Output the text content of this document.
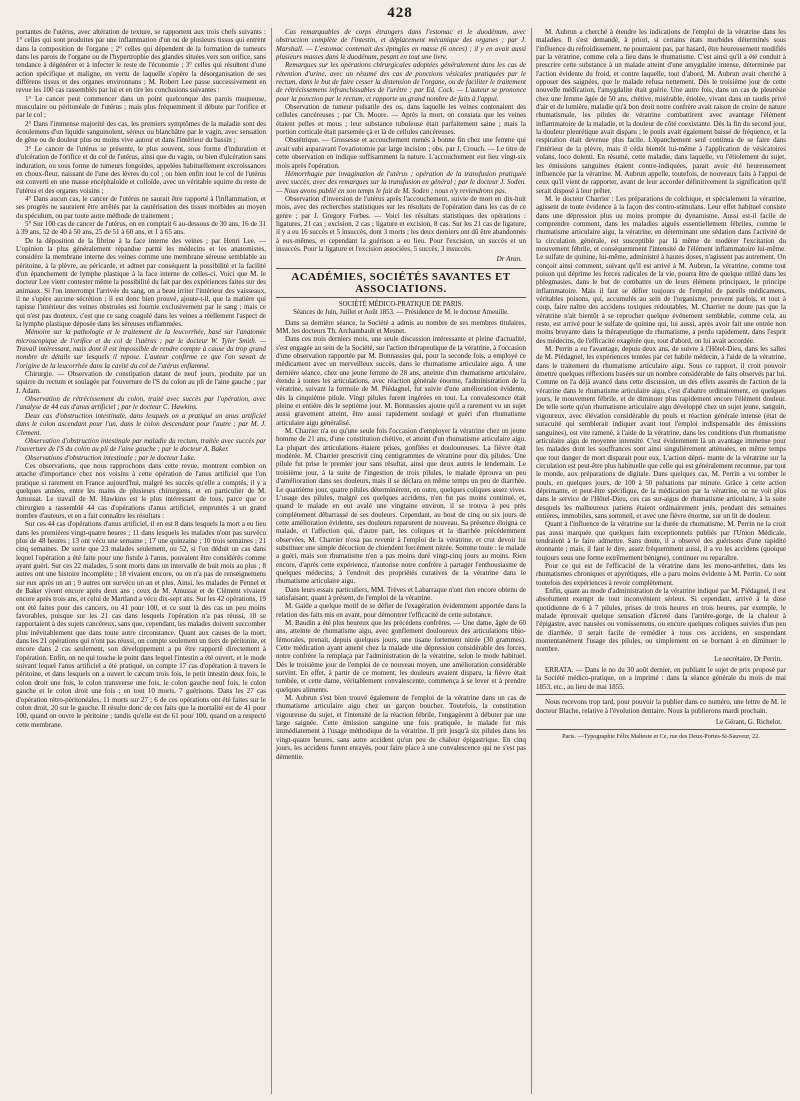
428

portantes de l'utérus, avec altération de texture, se rapportent aux trois chefs suivants : 1° celles qui sont produites par une inflammation d'un ou de plusieurs tissus qui entrent dans la composition de l'organe ; 2° celles qui dépendent de la formation de tumeurs dans les parois de l'organe ou de l'hypertrophie des glandes situées vers son orifice, sans tendance à dégénérer et à infecter le reste de l'économie ; 3° celles qui résultent d'une action spécifique et maligne, en vertu de laquelle s'opère la désorganisation de ses différens tissus et des organes environnans ; M. Robert Lee passe successivement en revue les 100 cas rassemblés par lui et en tire les conclusions suivantes :

1° Le cancer peut commencer dans un point quelconque des parois muqueuse, musculaire ou péritonéale de l'utérus ; mais plus fréquemment il débute par l'orifice et par le col ;

2° Dans l'immense majorité des cas, les premiers symptômes de la maladie sont des écoulemens d'un liquide sanguinolent, séreux ou blanchâtre par le vagin, avec sensation de gêne ou de douleur plus ou moins vive autour et dans l'intérieur du bassin ;

3° Le cancer de l'utérus se présente, le plus souvent, sous forme d'induration et d'ulcération de l'orifice et du col de l'utérus, ainsi que du vagin, ou bien d'ulcération sans induration, ou sous forme de tumeurs fongoïdes, appelées habituellement excroissances en choux-fleur, naissant de l'une des lèvres du col ; ou bien enfin tout le col de l'utérus est converti en une masse encéphaloïde et colloïde, avec un véritable squirre du reste de l'utérus et des organes voisins ;

4° Dans aucun cas, le cancer de l'utérus ne saurait être rapporté à l'inflammation, et ses progrès ne sauraient être arrêtés par la cautérisation des tissus morbides au moyen du spéculum, ou par toute autre méthode de traitement ;

5° Sur 100 cas de cancer de l'utérus, on en comptait 6 au-dessous de 30 ans, 16 de 31 à 39 ans, 52 de 40 à 50 ans, 25 de 51 à 60 ans, et 1 à 65 ans.

De la déposition de la fibrine à la face interne des veines ; par Henri Lee. — L'opinion la plus généralement répandue parmi les médecins et les anatomistes, considère la membrane interne des veines comme une membrane séreuse semblable au péritoine, à la plèvre, au péricarde, et admet par conséquent la possibilité et la facilité d'un épanchement de lymphe plastique à la face interne de celles-ci. Voici que M. le docteur Lee vient contester même la possibilité du fait par des expériences faites sur des animaux. Si l'on interrompt l'arrivée du sang, on a beau irriter l'intérieur des vaisseaux, il ne s'opère aucune sécrétion ; il est donc bien prouvé, ajoute-t-il, que la matière qui tapisse l'intérieur des veines obstruées est fournie exclusivement par le sang ; mais ce qui n'est pas douteux, c'est que ce sang coagulé dans les veines a réellement l'aspect de la lymphe plastique déposée dans les séreuses enflammées.

Mémoire sur la pathologie et le traitement de la leucorrhée, basé sur l'anatomie microscopique de l'orifice et du col de l'utérus ; par le docteur W. Tyler Smith. — Travail intéressant, mais dont il est impossible de rendre compte à cause du trop grand nombre de détails sur lesquels il repose. L'auteur confirme ce que l'on savait de l'origine de la leucorrhée dans la cavité du col de l'utérus enflammé.

Chirurgie. — Observation de constipation datant de neuf jours, produite par un squirre du rectum et soulagée par l'ouverture de l'S du colon au pli de l'aine gauche ; par J. Adam.

Observation de rétrécissement du colon, traité avec succès par l'opération, avec l'analyse de 44 cas d'anus artificiel ; par le docteur C. Hawkins.

Deux cas d'obstruction intestinale, dans lesquels on a pratiqué un anus artificiel dans le colon ascendant pour l'un, dans le colon descendant pour l'autre ; par M. J. Clement.

Observation d'obstruction intestinale par maladie du rectum, traitée avec succès par l'ouverture de l'S du colon au pli de l'aine gauche ; par le docteur A. Baker.

Observations d'obstruction intestinale ; par le docteur Luke.

Ces observations, que nous rapprochons dans cette revue, montrent combien on attache d'importance chez nos voisins à cette opération de l'anus artificiel que l'on pratique si rarement en France aujourd'hui, malgré les succès qu'elle a comptés, il y a quelques années, entre les mains de plusieurs chirurgiens, et en particulier de M. Amussat. Le travail de M. Hawkins est le plus intéressant de tous, parce que ce chirurgien a rassemblé 44 cas d'opérations d'anus artificiel, empruntés à un grand nombre d'auteurs, et en a fait connaître les résultats :

Sur ces 44 cas d'opérations d'anus artificiel, il en est 8 dans lesquels la mort a eu lieu dans les premières vingt-quatre heures ; 11 dans lesquels les malades n'ont pas survécu plus de 48 heures ; 13 ont vécu une semaine ; 17 une quinzaine ; 10 trois semaines ; 21 cinq semaines. De sorte que 23 malades seulement, ou 52, si l'on déduit un cas dans lequel l'opération a été faite pour une fistule à l'anus, pouvaient être considérés comme ayant guéri. Sur ces 22 malades, 5 sont morts dans un intervalle de huit mois au plus ; 8 autres ont une histoire incomplète ; 18 vivaient encore, ou on n'a pas de renseignemens sur eux après un an ; 9 autres ont survécu un an et plus. Ainsi, les malades de Pennel et de Baker vivent encore après deux ans ; ceux de M. Amussat et de Clément vivaient encore après trois ans, et celui de Martland a vécu dix-sept ans. Sur les 42 opérations, 19 ont été faites pour des cancers, ou 41 pour 100, et ce sont là des cas un peu moins favorables, puisque sur les 21 cas dans lesquels l'opération n'a pas réussi, 10 se rapportaient à des sujets cancéreux, sans que, cependant, les malades doivent succomber plus inévitablement que dans toute autre circonstance. Quant aux causes de la mort, dans les 21 opérations qui n'ont pas réussi, on compte seulement un tiers de péritonite, et encore dans 2 cas seulement, son développement a pu être rapporté directement à l'opération. Enfin, on ne qui touche le point dans lequel l'intestin a été ouvert, et le mode suivant lequel l'anus artificiel a été pratiqué, on compte 17 cas d'opération à travers le péritoine, et dans lesquels on a ouvert le cæcum trois fois, le petit intestin deux fois, le colon droit une fois, le colon transverse une fois, le colon gauche neuf fois, le colon gauche et le colon droit une fois ; en tout 10 morts, 7 guérisons. Dans les 27 cas d'opération rétro-péritonéales, 11 morts sur 27 ; 6 de ces opérations ont été faites sur le colon droit, 20 sur le gauche. Il résulte donc de ces faits que la mortalité est de 41 pour 100, quand on ouvre le péritoine ; tandis qu'elle est de 61 pour 100, quand on a respecté cette membrane.

Cas remarquables de corps étrangers dans l'estomac et le duodénum, avec obstruction complète de l'intestin, et déplacement mécanique des organes ; par J. Marshall. — L'estomac contenait des épingles en masse (6 onces) ; il y en avait aussi plusieurs masses dans le duodénum, pesant en tout une livre.

Remarques sur les opérations chirurgicales adoptées généralement dans les cas de rétention d'urine, avec un résumé des cas de ponctions vésicales pratiquées par le rectum, dans le but de faire cesser la distension de l'organe, ou de faciliter le traitement de rétrécissemens infranchissables de l'urètre ; par Ed. Cock. — L'auteur se prononce pour la ponction par le rectum, et rapporte un grand nombre de faits à l'appui.

Observation de tumeur pulsatile des os, dans laquelle les veines contenaient des cellules cancéreuses ; par Ch. Moore. — Après la mort, on constata que les veines étaient pelles et mous ; leur substance tubuleuse était parfaitement saine ; mais la portion corticale était parsemée çà et là de cellules cancéreuses.

Obstétrique. — Grossesse et accouchement menés à bonne fin chez une femme qui avait subi auparavant l'ovariotomie par large incision ; obs. par J. Crouch. — Le titre de cette observation en indique suffisamment la nature. L'accouchement eut lieu vingt-six mois après l'opération.

Hémorrhagie par invagination de l'utérus ; opération de la transfusion pratiquée avec succès, avec des remarques sur la transfusion en général ; par le docteur J. Soden. — Nous avons publié en son temps le fait de M. Soden ; nous n'y reviendrons pas.

Observation d'inversion de l'utérus après l'accouchement, suivie de mort en dix-huit mois, avec des recherches statistiques sur les résultats de l'opération dans les cas de ce genre ; par J. Gregory Forbes. — Voici les résultats statistiques des opérations : ligatures, 21 cas ; excision, 2 cas ; ligature et excision, 8 cas. Sur les 21 cas de ligature, il y a eu 16 succès et 5 insuccès, dont 3 morts ; les deux derniers ont dû être abandonnés à eux-mêmes, et cependant la guérison a eu lieu. Pour l'excision, un succès et un insuccès. Pour la ligature et l'excision associées, 5 succès, 3 insuccès.

Dr Aran.
ACADÉMIES, SOCIÉTÉS SAVANTES ET ASSOCIATIONS.
SOCIÉTÉ MÉDICO-PRATIQUE DE PARIS.
Séances de Juin, Juillet et Août 1853. — Présidence de M. le docteur Ameuille.

Dans sa dernière séance, la Société a admis au nombre de ses membres titulaires, MM. les docteurs Th. Archambault et Mesnet.

Dans ces trois derniers mois, une seule discussion intéressante et pleine d'actualité, s'est engagée au sein de la Société, sur l'action thérapeutique de la vératrine, à l'occasion d'une observation rapportée par M. Bonnassies qui, pour la seconde fois, a employé ce médicament avec un merveilleux succès, dans le rhumatisme articulaire aigu. À une dernière séance, chez une jeune femme de 28 ans, atteinte d'un rhumatisme articulaire, étendu à toutes les articulations, avec réaction générale énorme, l'administration de la vératrine, suivant la formule de M. Piédagnel, fut suivie d'une amélioration évidente, dès la cinquième pilule. Vingt pilules furent ingérées en tout. La convalescence était pleine et entière dès le septième jour. M. Bonnassies ajoute qu'il a rarement vu un sujet aussi gravement atteint, être aussi rapidement soulagé et guéri d'un rhumatisme articulaire aigu généralisé.

M. Charrier n'a eu qu'une seule fois l'occasion d'employer la vératrine chez un jeune homme de 21 ans, d'une constitution chétive, et atteint d'un rhumatisme articulaire aigu. La plupart des articulations étaient prises, gonflées et douloureuses. La fièvre était modérée. M. Charrier prescrivit cinq centigrammes de vératrine pour dix pilules. Une pilule fut prise le premier jour sans résultat, ainsi que deux autres le lendemain. Le troisième jour, à la suite de l'ingestion de trois pilules, le malade éprouva un peu d'amélioration dans ses douleurs, mais il se déclara en même temps un peu de diarrhée. Le quatrième jour, quatre pilules déterminèrent, en outre, quelques coliques assez vives. L'usage des pilules, malgré ces quelques accidens, n'en fut pas moins continué, et, quand le malade en eut avalé une vingtaine environ, il se trouva à peu près complètement débarrassé de ses douleurs. Cependant, au bout de cinq ou six jours de cette amélioration évidente, ses douleurs reparurent de nouveau. Sa présence éloigna ce malade, et l'affection qui, d'autre part, les coliques et la diarrhée précédemment observées, M. Charrier n'osa pas revenir à l'emploi de la vératrine, et crut devoir lui substituer une simple décoction de chiendent forcément nitrée. Somme toute : le malade a guéri, mais son rhumatisme n'en a pas moins duré vingt-cinq jours au moins. Rien encore, d'après cette expérience, n'autorise notre confrère à partager l'enthousiasme de quelques médecins, à l'endroit des propriétés curatives de la vératrine dans le rhumatisme articulaire aigu.

Dans leurs essais particuliers, MM. Trèves et Labarraque n'ont rien encore obtenu de satisfaisant, quant à présent, de l'emploi de la vératrine.

M. Gaide a quelque motif de se défier de l'exagération évidemment apportée dans la relation des faits mis en avant, pour démontrer l'efficacité de cette substance.

M. Baudin a été plus heureux que les précédens confrères. — Une dame, âgée de 60 ans, atteinte de rhumatisme aigu, avec gonflement douloureux des articulations tibio-fémorales, prenait, depuis quelques jours, une tisane fortement nitrée (30 grammes). Cette médication ayant amené chez la malade une dépression considérable des forces, notre confrère la remplaça par l'administration de la vératrine, selon le mode habituel. Dès le troisième jour de l'emploi de ce nouveau moyen, une amélioration considérable survint. En effet, à partir de ce moment, les douleurs avaient disparu, la fièvre était tombée, et cette dame, véritablement convalescente, commença à se lever et à prendre quelques aliments.

M. Aubrun s'est bien trouvé également de l'emploi de la vératrine dans un cas de rhumatisme articulaire aigu chez un garçon boucher. Toutefois, la constitution vigoureuse du sujet, et l'intensité de la réaction fébrile, l'engagèrent à débuter par une large saignée. Cette émission sanguine une fois pratiquée, le malade fut mis immédiatement à l'usage méthodique de la vératrine. Il prit jusqu'à six pilules dans les vingt-quatre heures, sans autre accident qu'un peu de chaleur épigastrique. En cinq jours, les accidens furent enrayés, pour faire place à une convalescence qui ne s'est pas démentie.

M. Aubrun a cherché à étendre les indications de l'emploi de la vératrine dans les maladies. Il s'est demandé, à priori, si certains états morbides déterminés sous l'influence du refroidissement, ne pourraient pas, par hasard, être heureusement modifiés par la vératrine, comme cela a lieu dans le rhumatisme. C'est ainsi qu'il a été conduit à prescrire cette substance à un malade atteint d'une amygdalite intense, déterminée par l'action évidente du froid, et contre laquelle, tout d'abord, M. Aubrun avait cherché à opposer des saignées, que le malade refusa nettement. Dès le troisième jour de cette nouvelle médication, l'amygdalite était guérie. Une autre fois, dans un cas de pleurésie chez une femme âgée de 50 ans, chétive, misérable, étiolée, vivant dans un taudis privé d'air et de lumière, maladie qu'à bon droit notre confrère avait raison de croire de nature rhumatismale, les pilules de vératrine combattirent avec avantage l'élément inflammatoire de la maladie, et la douleur de côté coexistante. Dès la fin du second jour, la douleur pleurétique avait disparu ; le pouls avait également baissé de fréquence, et la respiration était devenue plus facile. L'épanchement seul continua de se faire dans l'intérieur de la plèvre, mais il céda bientôt lui-même à l'application de vésicatoires volans, loco dolenti. En résumé, cette maladie, dans laquelle, vu l'étiolement du sujet, les émissions sanguines étaient contre-indiquées, parait avoir été heureusement influencée par la vératrine. M. Aubrun appelle, toutefois, de nouveaux faits à l'appui de ceux qu'il vient de rapporter, avant de leur accorder définitivement la signification qu'il serait disposé à leur prêter.

M. le docteur Charrier : Les préparations de colchique, et spécialement la vératrine, agissent de toute évidence à la façon des contro-stimulans. Leur effet habituel consiste dans une dépression plus ou moins prompte du dynamisme. Aussi est-il facile de comprendre comment, dans les maladies aiguës essentiellement fébriles, comme le rhumatisme articulaire aigu, la vératrine, en déterminant une sédation dans l'activité de la circulation générale, est susceptible par là même de modérer l'excitation du mouvement fébrile, et conséquemment l'intensité de l'élément inflammatoire lui-même. Le sulfate de quinine, lui-même, administré à hautes doses, n'agissent pas autrement. On conçoit ainsi comment, suivant qu'il est arrivé à M. Aubrun, la vératrine, comme tout poison qui déprime les forces radicales de la vie, pourra être de quelque utilité dans les phlegmasies, dans le but de combattre un de leurs élémens principaux, le principe inflammatoire. Mais il faut se défier toujours de l'emploi de pareils médicamens, véritables poisons, qui, accumulés au sein de l'organisme, peuvent parfois, et tout à coup, faire naître des accidens toxiques redoutables. M. Charrier ne doute pas que la vératrine n'ait bientôt à se reprocher quelque événement semblable, comme cela, au reste, est arrivé pour le sulfate de quinine qui, lui aussi, après avoir fait une entrée non moins bruyante dans la thérapeutique du rhumatisme, a perdu rapidement, dans l'esprit des médecins, de l'efficacité exagérée que, tout d'abord, on lui avait accordée.

M. Perrin a eu l'avantage, depuis deux ans, de suivre à l'Hôtel-Dieu, dans les salles de M. Piédagnel, les expériences tentées par cet habile médecin, à l'aide de la vératrine, dans le traitement du rhumatisme articulaire aigu. Sous ce rapport, il croit pouvoir émettre quelques réflexions basées sur un nombre considérable de faits observés par lui. Comme on l'a déjà avancé dans cette discussion, un des effets assurés de l'action de la vératrine dans le rhumatisme articulaire aigu, c'est d'abattre ordinairement, en quelques jours, le mouvement fébrile, et de diminuer plus rapidement encore l'élément douleur. De telle sorte qu'un rhumatisme articulaire aigu développé chez un sujet jeune, sanguin, vigoureux, avec élévation considérable du pouls et réaction générale intense (état de suracuité qui semblerait indiquer avant tout l'emploi indispensable des émissions sanguines), est vite ramené, à l'aide de la vératrine, dans les conditions d'un rhumatisme articulaire aigu de moyenne intensité. C'est évidemment là un avantage immense pour les malades dont les souffrances sont ainsi singulièrement atténuées, en même temps que tout danger de mort disparait pour eux. L'action dépri- mante de la vératrine sur la circulation est peut-être plus habituelle que celle qui est généralement reconnue, par tout le monde, aux préparations de digitale. Dans quelques cas, M. Perrin a vu tomber le pouls, en quelques jours, de 100 à 50 pulsations par minute. Grâce à cette action déprimante, et peut-être spécifique, de la médication par la vératrine, on ne voit plus dans le service de l'Hôtel-Dieu, ces cas sur-aigus de rhumatisme articulaire, à la suite desquels les malheureux patiens étaient ordinairement jetés, pendant des semaines entières, immobiles, sans sommeil, et avec une fièvre énorme, sur un lit de douleur.

Quant à l'influence de la vératrine sur la durée du rhumatisme, M. Perrin ne la croit pas aussi marquée que quelques faits exceptionnels publiés par l'Union Médicale, tendraient à le faire admettre. Sans doute, il a observé des guérisons d'une rapidité étonnante ; mais, il faut le dire, assez fréquemment aussi, il a vu les accidens (quoique toujours sous une forme extrêmement bénigne), continuer ou reparaître.

Pour ce qui est de l'efficacité de la vératrine dans les mono-arthrites, dans les rhumatismes chroniques et apyrétiques, elle a paru moins évidente à M. Perrin. Ce sont toutefois des expériences à revoir complètement.

Enfin, quant au mode d'administration de la vératrine indiqué par M. Piédagnel, il est absolument exempt de tout inconvénient sérieux. Si cependant, arrivé à la dose quotidienne de 6 à 7 pilules, prises de trois heures en trois heures, par exemple, le malade éprouvait quelque sensation d'âcreté dans l'arrière-gorge, de la chaleur à l'épigastre, avec nausées ou vomissemens, ou encore quelques coliques suivies d'un peu de diarrhée, il serait facile de remédier à tous ces accidens, en suspendant momentanément l'usage des pilules, ou simplement en se bornant à en diminuer le nombre.

Le secrétaire, Dr Perrin.

ERRATA. — Dans le no du 30 août dernier, en publiant le sujet de prix proposé par la Société médico-pratique, on a imprimé : dans la séance générale du mois de mai 1853, etc., au lieu de mai 1855.

Nous recevons trop tard, pour pouvoir la publier dans ce numéro, une lettre de M. le docteur Blache, relative à l'évolution dentaire. Nous la publierons mardi prochain.

Le Gérant, G. Richelot.
Paris. —Typographie Félix Malteste et Ce, rue des Deux-Portes-St-Sauveur, 22.
